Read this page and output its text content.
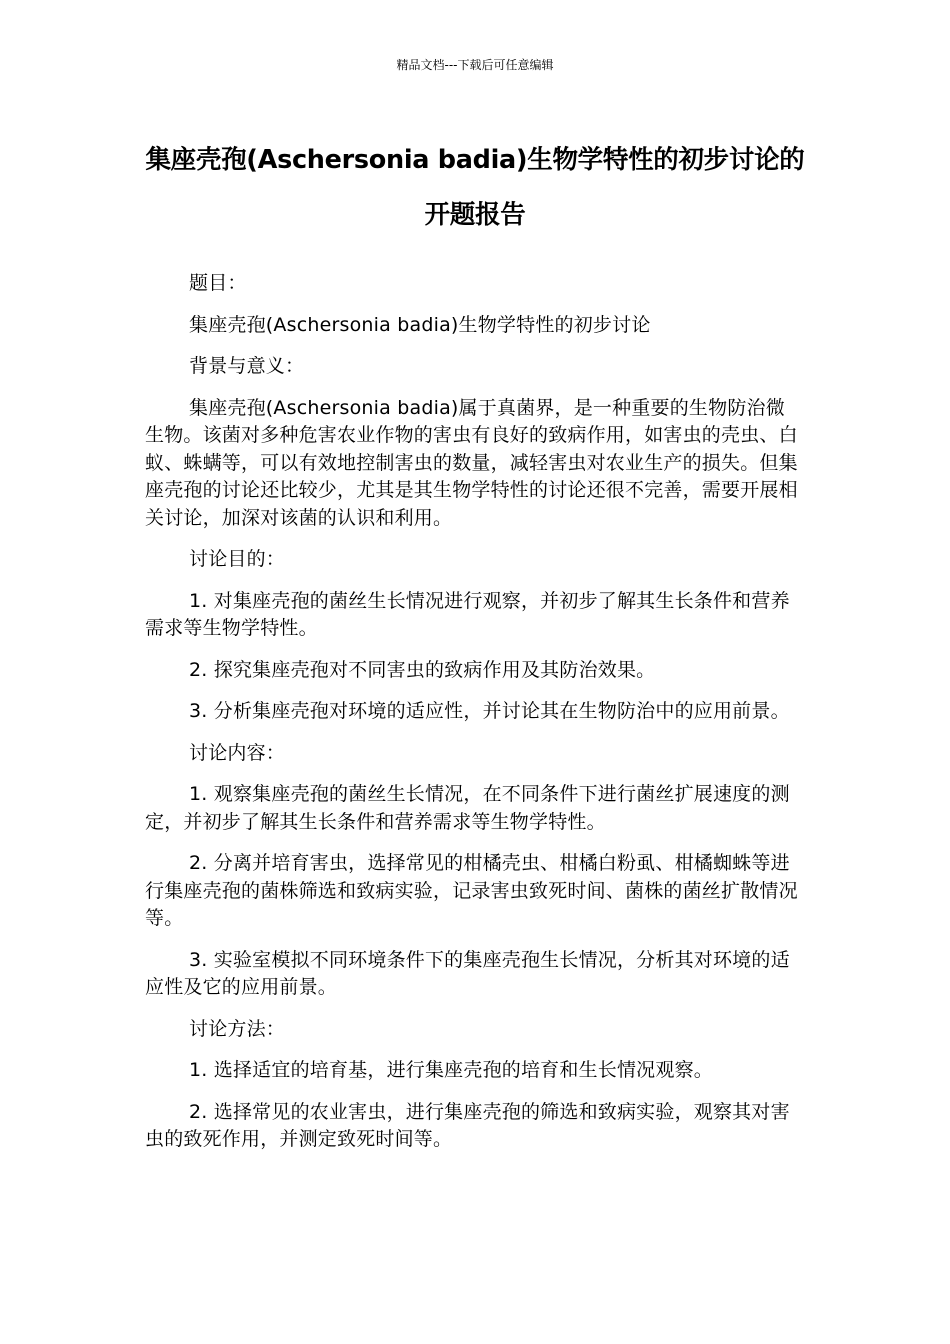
精品文档---下载后可任意编辑
集座壳孢(Aschersonia badia)生物学特性的初步讨论的开题报告

题目：

集座壳孢(Aschersonia badia)生物学特性的初步讨论

背景与意义：

集座壳孢(Aschersonia badia)属于真菌界，是一种重要的生物防治微生物。该菌对多种危害农业作物的害虫有良好的致病作用，如害虫的壳虫、白蚁、蛛螨等，可以有效地控制害虫的数量，减轻害虫对农业生产的损失。但集座壳孢的讨论还比较少，尤其是其生物学特性的讨论还很不完善，需要开展相关讨论，加深对该菌的认识和利用。

讨论目的：

1. 对集座壳孢的菌丝生长情况进行观察，并初步了解其生长条件和营养需求等生物学特性。

2. 探究集座壳孢对不同害虫的致病作用及其防治效果。

3. 分析集座壳孢对环境的适应性，并讨论其在生物防治中的应用前景。

讨论内容：

1. 观察集座壳孢的菌丝生长情况，在不同条件下进行菌丝扩展速度的测定，并初步了解其生长条件和营养需求等生物学特性。

2. 分离并培育害虫，选择常见的柑橘壳虫、柑橘白粉虱、柑橘蜘蛛等进行集座壳孢的菌株筛选和致病实验，记录害虫致死时间、菌株的菌丝扩散情况等。

3. 实验室模拟不同环境条件下的集座壳孢生长情况，分析其对环境的适应性及它的应用前景。

讨论方法：

1. 选择适宜的培育基，进行集座壳孢的培育和生长情况观察。

2. 选择常见的农业害虫，进行集座壳孢的筛选和致病实验，观察其对害虫的致死作用，并测定致死时间等。
